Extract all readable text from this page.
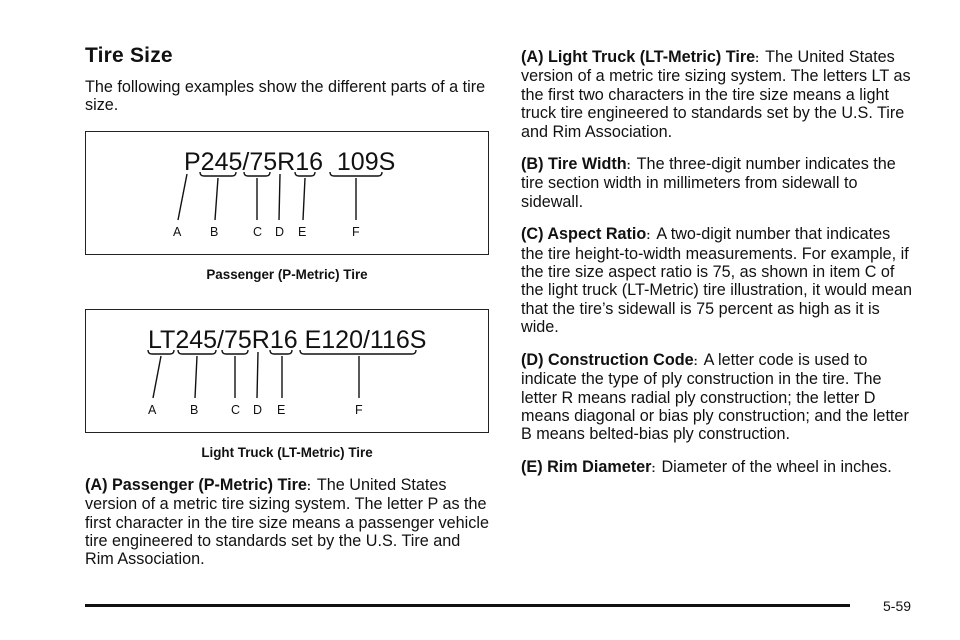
Tire Size

The following examples show the different parts of a tire size.

P245/75R16  109S
A B	C D E	F
Passenger (P-Metric) Tire
LT245/75R16 E120/116S
A	B	C D E	F
Light Truck (LT-Metric) Tire

(A) Passenger (P-Metric) Tire: The United States version of a metric tire sizing system. The letter P as the first character in the tire size means a passenger vehicle tire engineered to standards set by the U.S. Tire and Rim Association.

(A) Light Truck (LT-Metric) Tire: The United States version of a metric tire sizing system. The letters LT as the first two characters in the tire size means a light truck tire engineered to standards set by the U.S. Tire and Rim Association.

(B) Tire Width: The three-digit number indicates the tire section width in millimeters from sidewall to sidewall.

(C) Aspect Ratio: A two-digit number that indicates the tire height-to-width measurements. For example, if the tire size aspect ratio is 75, as shown in item C of the light truck (LT-Metric) tire illustration, it would mean that the tire’s sidewall is 75 percent as high as it is wide.

(D) Construction Code: A letter code is used to indicate the type of ply construction in the tire. The letter R means radial ply construction; the letter D means diagonal or bias ply construction; and the letter B means belted-bias ply construction.

(E) Rim Diameter: Diameter of the wheel in inches.

5-59
